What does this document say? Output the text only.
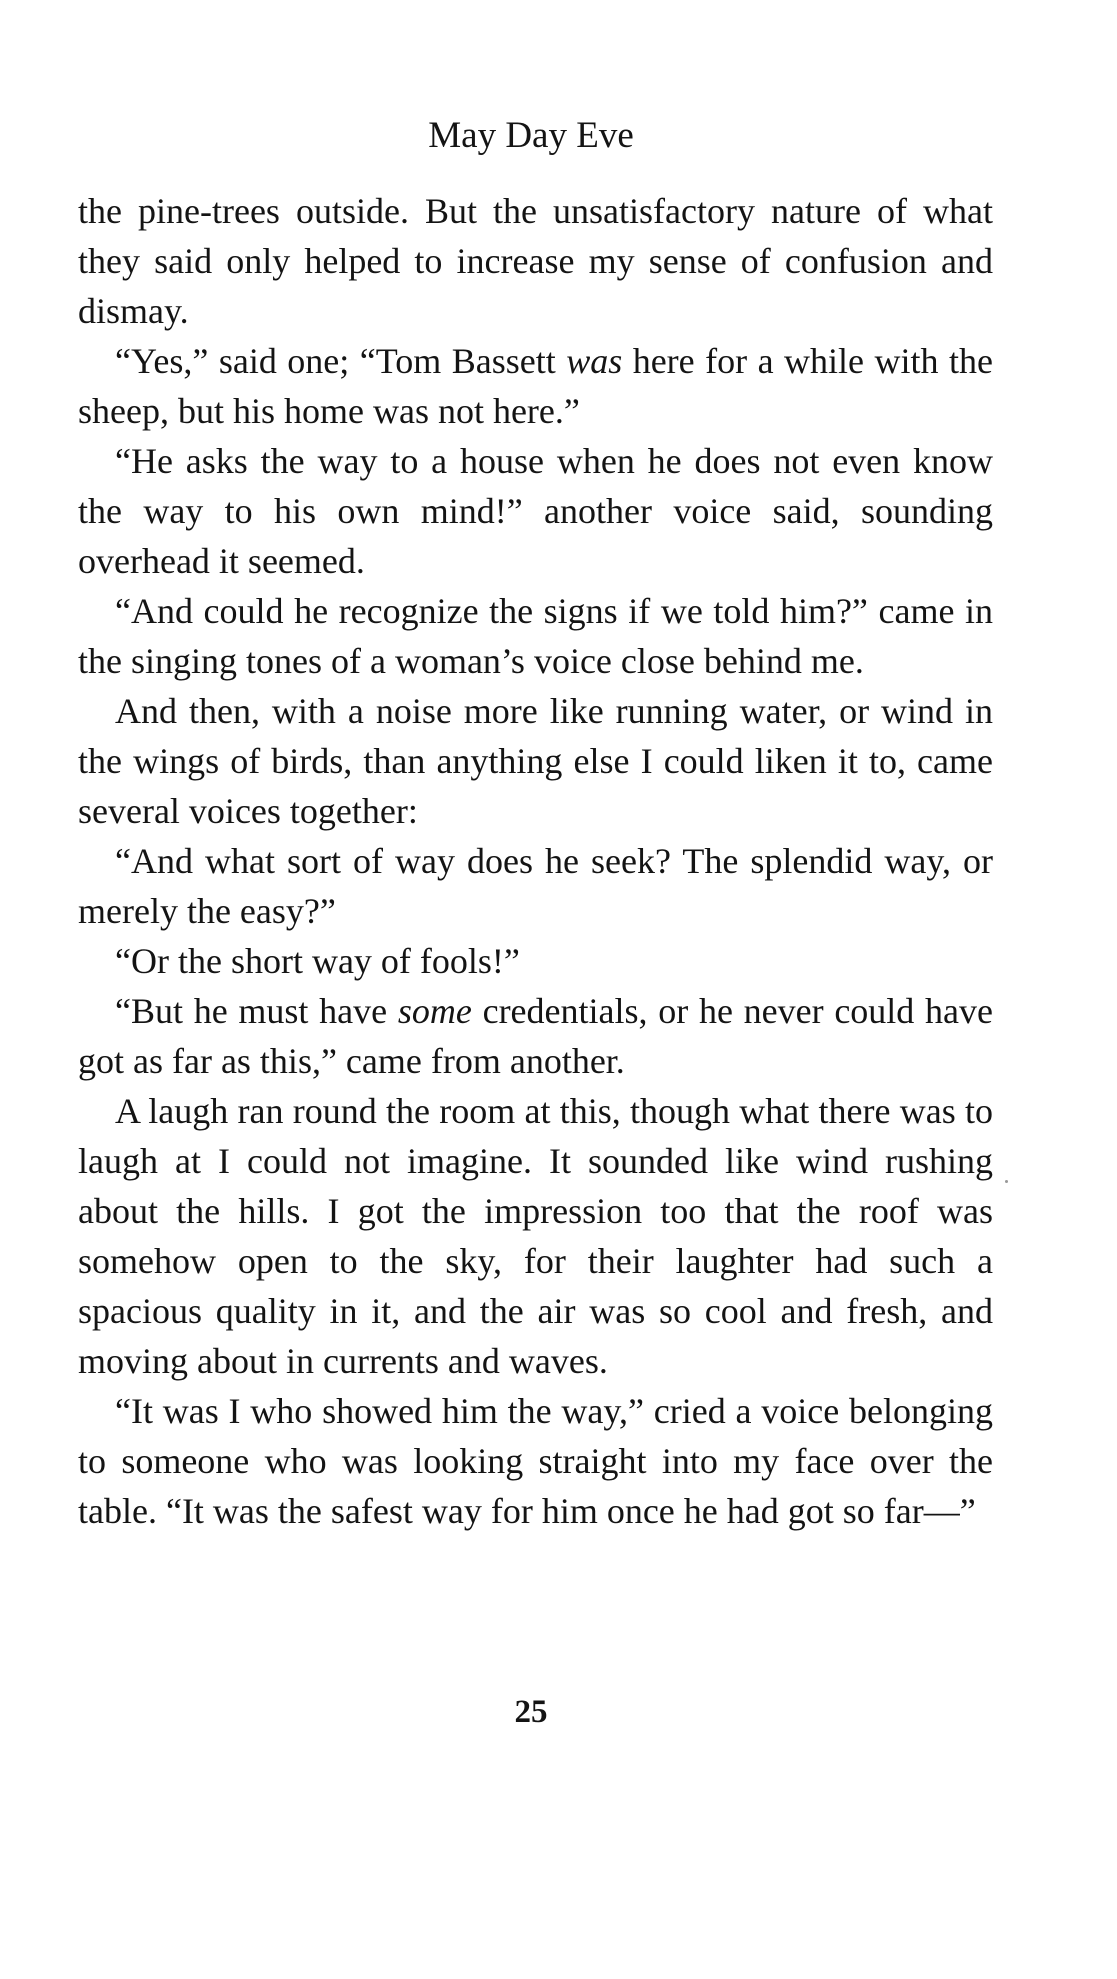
May Day Eve

the pine-trees outside. But the unsatisfactory nature of what they said only helped to increase my sense of confusion and dismay.

“Yes,” said one; “Tom Bassett was here for a while with the sheep, but his home was not here.”

“He asks the way to a house when he does not even know the way to his own mind!” another voice said, sounding overhead it seemed.

“And could he recognize the signs if we told him?” came in the singing tones of a woman’s voice close behind me.

And then, with a noise more like running water, or wind in the wings of birds, than anything else I could liken it to, came several voices together:

“And what sort of way does he seek? The splendid way, or merely the easy?”

“Or the short way of fools!”

“But he must have some credentials, or he never could have got as far as this,” came from another.

A laugh ran round the room at this, though what there was to laugh at I could not imagine. It sounded like wind rushing about the hills. I got the impression too that the roof was somehow open to the sky, for their laughter had such a spacious quality in it, and the air was so cool and fresh, and moving about in currents and waves.

“It was I who showed him the way,” cried a voice belonging to someone who was looking straight into my face over the table. “It was the safest way for him once he had got so far—”

25
